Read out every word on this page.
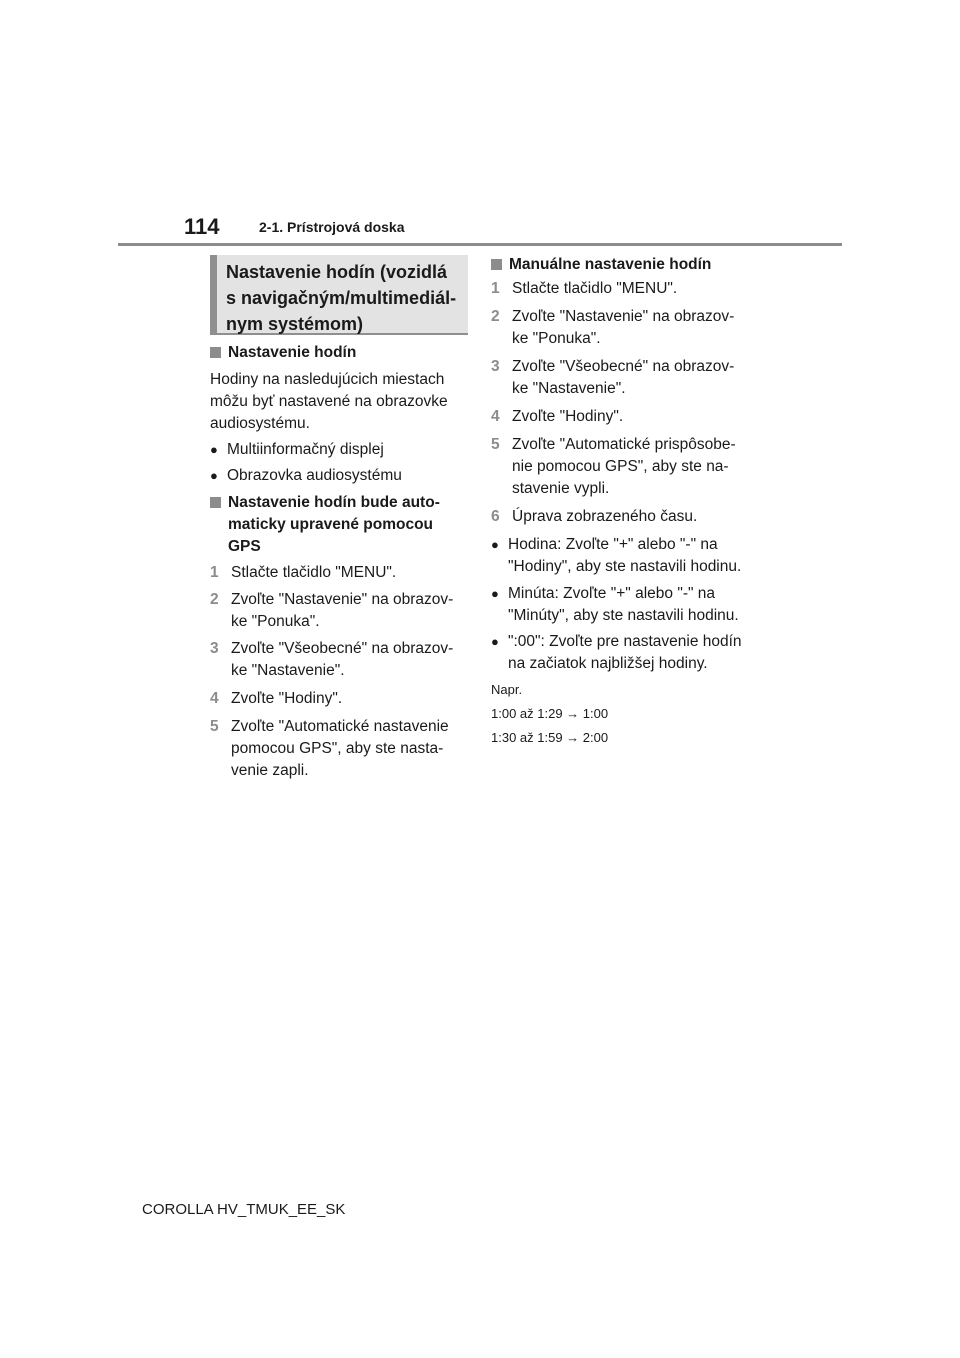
114	2-1. Prístrojová doska
Nastavenie hodín (vozidlá
s navigačným/multimediál-
nym systémom)
Nastavenie hodín
Hodiny na nasledujúcich miestach
môžu byť nastavené na obrazovke
audiosystému.
● Multiinformačný displej
● Obrazovka audiosystému
Nastavenie hodín bude auto-
maticky upravené pomocou
GPS
1 Stlačte tlačidlo "MENU".
2 Zvoľte "Nastavenie" na obrazov-
ke "Ponuka".
3 Zvoľte "Všeobecné" na obrazov-
ke "Nastavenie".
4 Zvoľte "Hodiny".
5 Zvoľte "Automatické nastavenie
pomocou GPS", aby ste nasta-
venie zapli.
Manuálne nastavenie hodín
1 Stlačte tlačidlo "MENU".
2 Zvoľte "Nastavenie" na obrazov-
ke "Ponuka".
3 Zvoľte "Všeobecné" na obrazov-
ke "Nastavenie".
4 Zvoľte "Hodiny".
5 Zvoľte "Automatické prispôsobe-
nie pomocou GPS", aby ste na-
stavenie vypli.
6 Úprava zobrazeného času.
● Hodina: Zvoľte "+" alebo "-" na
"Hodiny", aby ste nastavili hodinu.
● Minúta: Zvoľte "+" alebo "-" na
"Minúty", aby ste nastavili hodinu.
● ":00": Zvoľte pre nastavenie hodín
na začiatok najbližšej hodiny.
Napr.
1:00 až 1:29 → 1:00
1:30 až 1:59 → 2:00
COROLLA HV_TMUK_EE_SK
